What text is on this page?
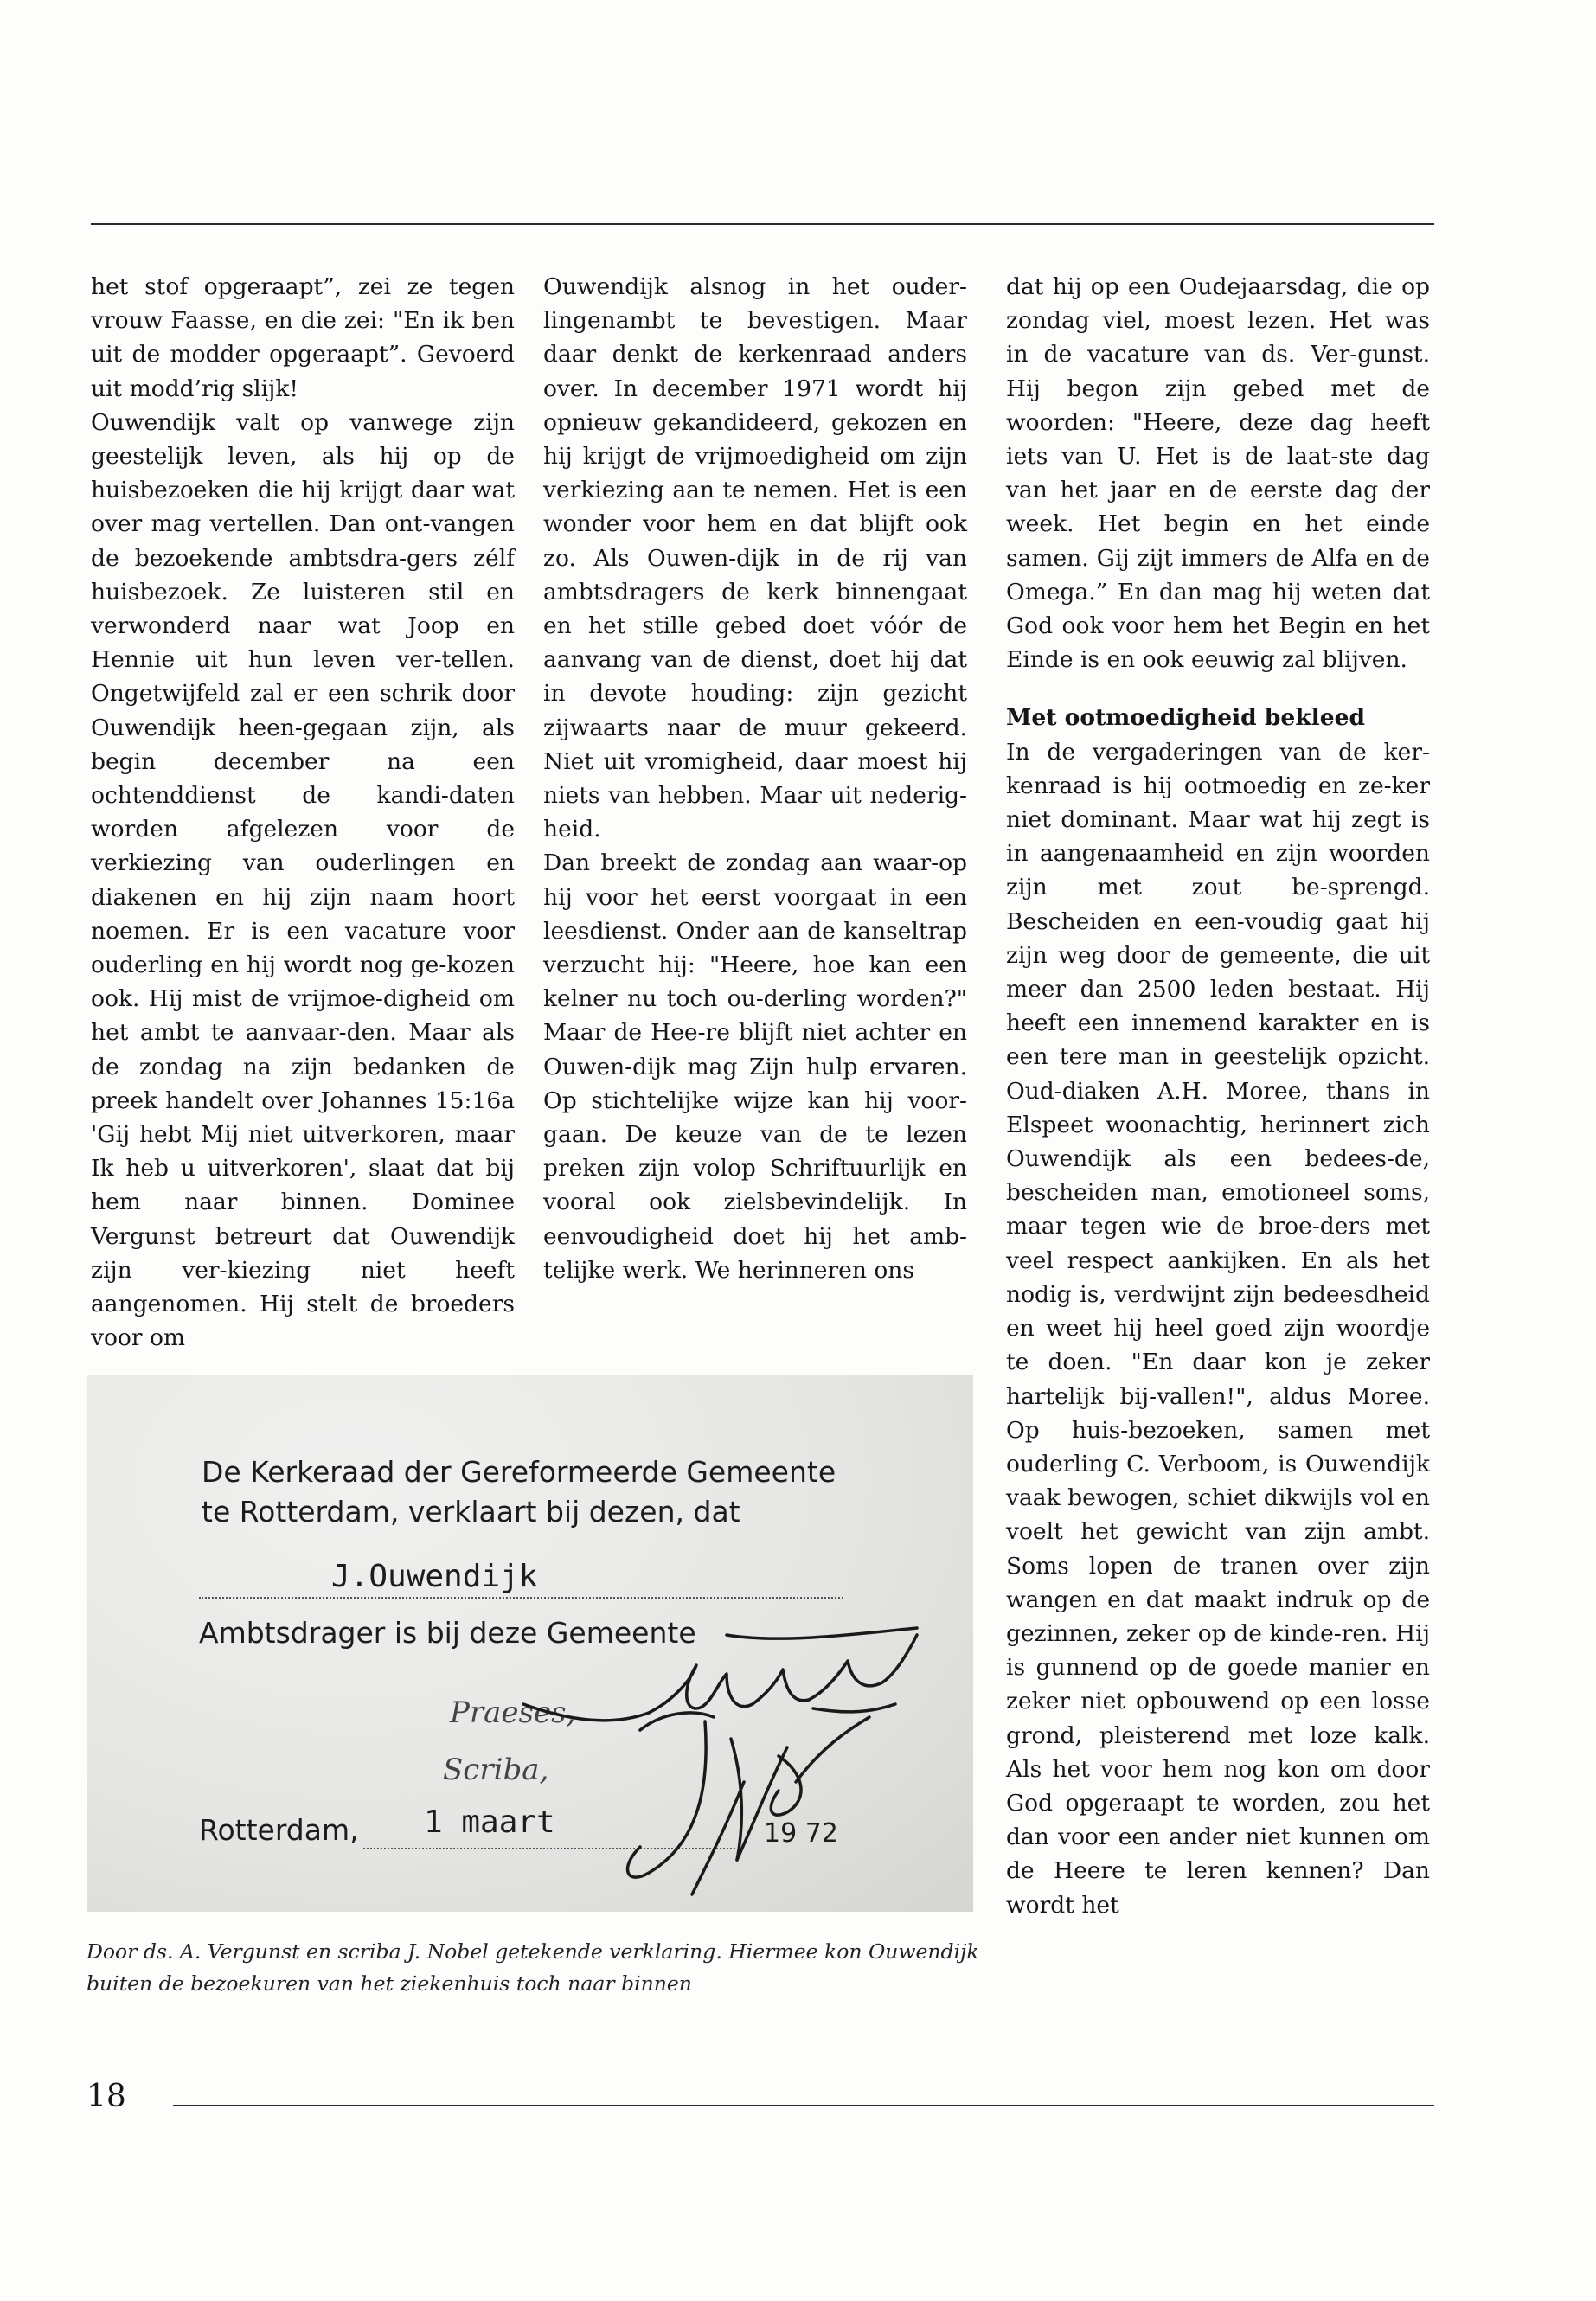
het stof opgeraapt”, zei ze tegen vrouw Faasse, en die zei: "En ik ben uit de modder opgeraapt”. Gevoerd uit modd’rig slijk!

Ouwendijk valt op vanwege zijn geestelijk leven, als hij op de huisbezoeken die hij krijgt daar wat over mag vertellen. Dan ont-vangen de bezoekende ambtsdra-gers zélf huisbezoek. Ze luisteren stil en verwonderd naar wat Joop en Hennie uit hun leven ver-tellen. Ongetwijfeld zal er een schrik door Ouwendijk heen-gegaan zijn, als begin december na een ochtenddienst de kandi-daten worden afgelezen voor de verkiezing van ouderlingen en diakenen en hij zijn naam hoort noemen. Er is een vacature voor ouderling en hij wordt nog ge-kozen ook. Hij mist de vrijmoe-digheid om het ambt te aanvaar-den. Maar als de zondag na zijn bedanken de preek handelt over Johannes 15:16a 'Gij hebt Mij niet uitverkoren, maar Ik heb u uitverkoren', slaat dat bij hem naar binnen. Dominee Vergunst betreurt dat Ouwendijk zijn ver-kiezing niet heeft aangenomen. Hij stelt de broeders voor om

Ouwendijk alsnog in het ouder-lingenambt te bevestigen. Maar daar denkt de kerkenraad anders over. In december 1971 wordt hij opnieuw gekandideerd, gekozen en hij krijgt de vrijmoedigheid om zijn verkiezing aan te nemen. Het is een wonder voor hem en dat blijft ook zo. Als Ouwen-dijk in de rij van ambtsdragers de kerk binnengaat en het stille gebed doet vóór de aanvang van de dienst, doet hij dat in devote houding: zijn gezicht zijwaarts naar de muur gekeerd. Niet uit vromigheid, daar moest hij niets van hebben. Maar uit nederig-heid.

Dan breekt de zondag aan waar-op hij voor het eerst voorgaat in een leesdienst. Onder aan de kanseltrap verzucht hij: "Heere, hoe kan een kelner nu toch ou-derling worden?" Maar de Hee-re blijft niet achter en Ouwen-dijk mag Zijn hulp ervaren. Op stichtelijke wijze kan hij voor-gaan. De keuze van de te lezen preken zijn volop Schriftuurlijk en vooral ook zielsbevindelijk. In eenvoudigheid doet hij het amb-telijke werk. We herinneren ons

dat hij op een Oudejaarsdag, die op zondag viel, moest lezen. Het was in de vacature van ds. Ver-gunst. Hij begon zijn gebed met de woorden: "Heere, deze dag heeft iets van U. Het is de laat-ste dag van het jaar en de eerste dag der week. Het begin en het einde samen. Gij zijt immers de Alfa en de Omega.” En dan mag hij weten dat God ook voor hem het Begin en het Einde is en ook eeuwig zal blijven.

Met ootmoedigheid bekleed

In de vergaderingen van de ker-kenraad is hij ootmoedig en ze-ker niet dominant. Maar wat hij zegt is in aangenaamheid en zijn woorden zijn met zout be-sprengd. Bescheiden en een-voudig gaat hij zijn weg door de gemeente, die uit meer dan 2500 leden bestaat. Hij heeft een innemend karakter en is een tere man in geestelijk opzicht. Oud-diaken A.H. Moree, thans in Elspeet woonachtig, herinnert zich Ouwendijk als een bedees-de, bescheiden man, emotioneel soms, maar tegen wie de broe-ders met veel respect aankijken. En als het nodig is, verdwijnt zijn bedeesdheid en weet hij heel goed zijn woordje te doen. "En daar kon je zeker hartelijk bij-vallen!", aldus Moree. Op huis-bezoeken, samen met ouderling C. Verboom, is Ouwendijk vaak bewogen, schiet dikwijls vol en voelt het gewicht van zijn ambt. Soms lopen de tranen over zijn wangen en dat maakt indruk op de gezinnen, zeker op de kinde-ren. Hij is gunnend op de goede manier en zeker niet opbouwend op een losse grond, pleisterend met loze kalk. Als het voor hem nog kon om door God opgeraapt te worden, zou het dan voor een ander niet kunnen om de Heere te leren kennen? Dan wordt het

De Kerkeraad der Gereformeerde Gemeente
te Rotterdam, verklaart bij dezen, dat
J.Ouwendijk
Ambtsdrager is bij deze Gemeente
Praeses,
Scriba,
Rotterdam, 1 maart	19 72
Door ds. A. Vergunst en scriba J. Nobel getekende verklaring. Hiermee kon Ouwendijk buiten de bezoekuren van het ziekenhuis toch naar binnen
18
